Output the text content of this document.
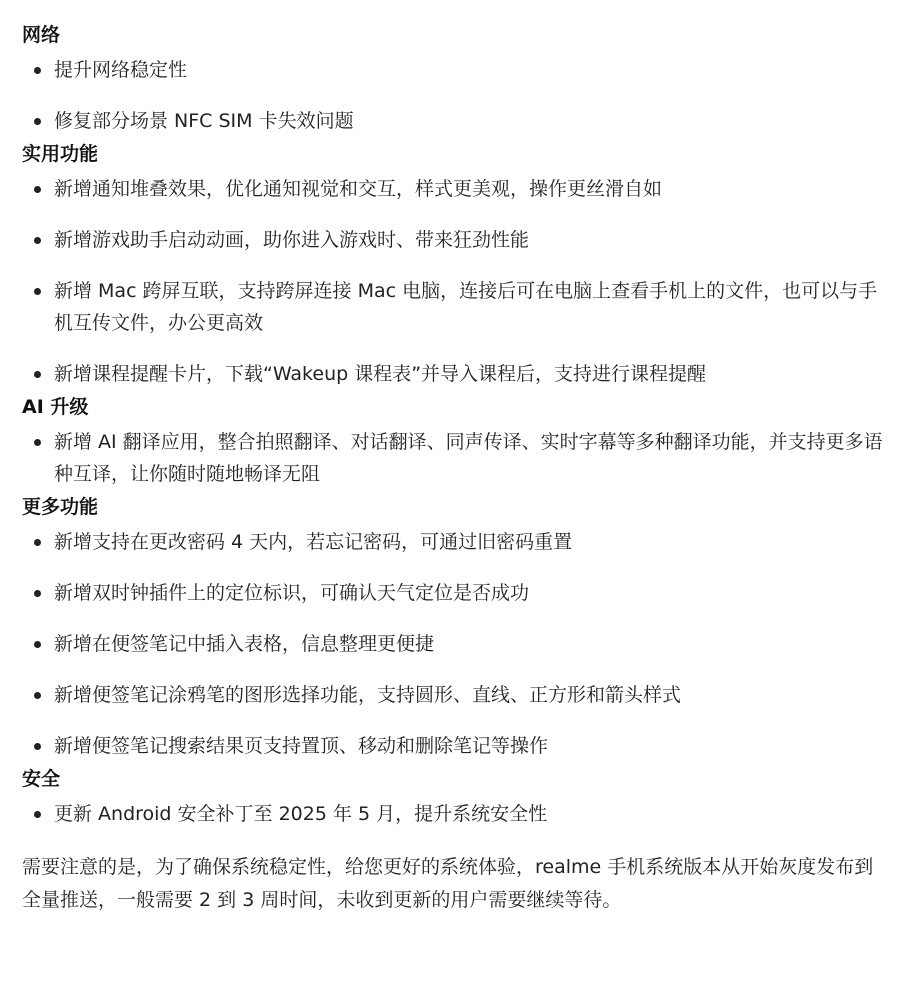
网络
提升网络稳定性
修复部分场景 NFC SIM 卡失效问题
实用功能
新增通知堆叠效果，优化通知视觉和交互，样式更美观，操作更丝滑自如
新增游戏助手启动动画，助你进入游戏时、带来狂劲性能
新增 Mac 跨屏互联，支持跨屏连接 Mac 电脑，连接后可在电脑上查看手机上的文件，也可以与手机互传文件，办公更高效
新增课程提醒卡片，下载“Wakeup 课程表”并导入课程后，支持进行课程提醒
AI 升级
新增 AI 翻译应用，整合拍照翻译、对话翻译、同声传译、实时字幕等多种翻译功能，并支持更多语种互译，让你随时随地畅译无阻
更多功能
新增支持在更改密码 4 天内，若忘记密码，可通过旧密码重置
新增双时钟插件上的定位标识，可确认天气定位是否成功
新增在便签笔记中插入表格，信息整理更便捷
新增便签笔记涂鸦笔的图形选择功能，支持圆形、直线、正方形和箭头样式
新增便签笔记搜索结果页支持置顶、移动和删除笔记等操作
安全
更新 Android 安全补丁至 2025 年 5 月，提升系统安全性

需要注意的是，为了确保系统稳定性，给您更好的系统体验，realme 手机系统版本从开始灰度发布到全量推送，一般需要 2 到 3 周时间，未收到更新的用户需要继续等待。
